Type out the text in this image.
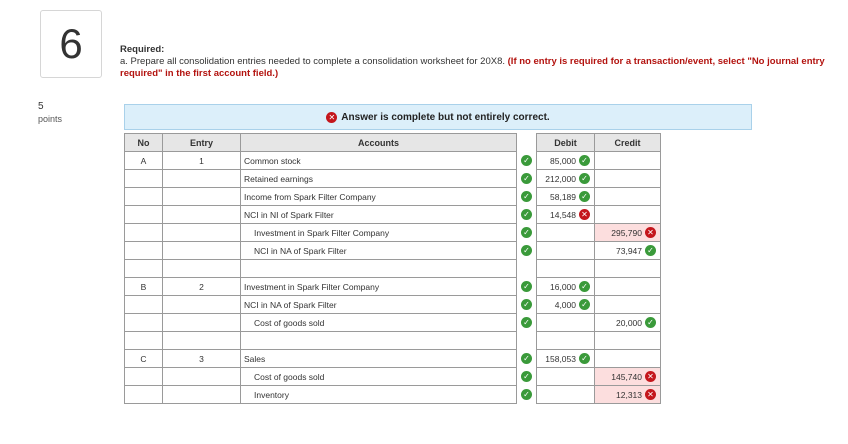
6
5
points
Required:
a. Prepare all consolidation entries needed to complete a consolidation worksheet for 20X8. (If no entry is required for a transaction/event, select "No journal entry required" in the first account field.)
✕ Answer is complete but not entirely correct.
No	Entry	Accounts		Debit	Credit
A	1	Common stock	✓	85,000 ✓	

		Retained earnings	✓	212,000 ✓	

		Income from Spark Filter Company	✓	58,189 ✓	

		NCI in NI of Spark Filter	✓	14,548 ✕	

		Investment in Spark Filter Company	✓		295,790 ✕

		NCI in NA of Spark Filter	✓		73,947 ✓

B	2	Investment in Spark Filter Company	✓	16,000 ✓	

		NCI in NA of Spark Filter	✓	4,000 ✓	

		Cost of goods sold	✓		20,000 ✓

C	3	Sales	✓	158,053 ✓	

		Cost of goods sold	✓		145,740 ✕

		Inventory	✓		12,313 ✕
